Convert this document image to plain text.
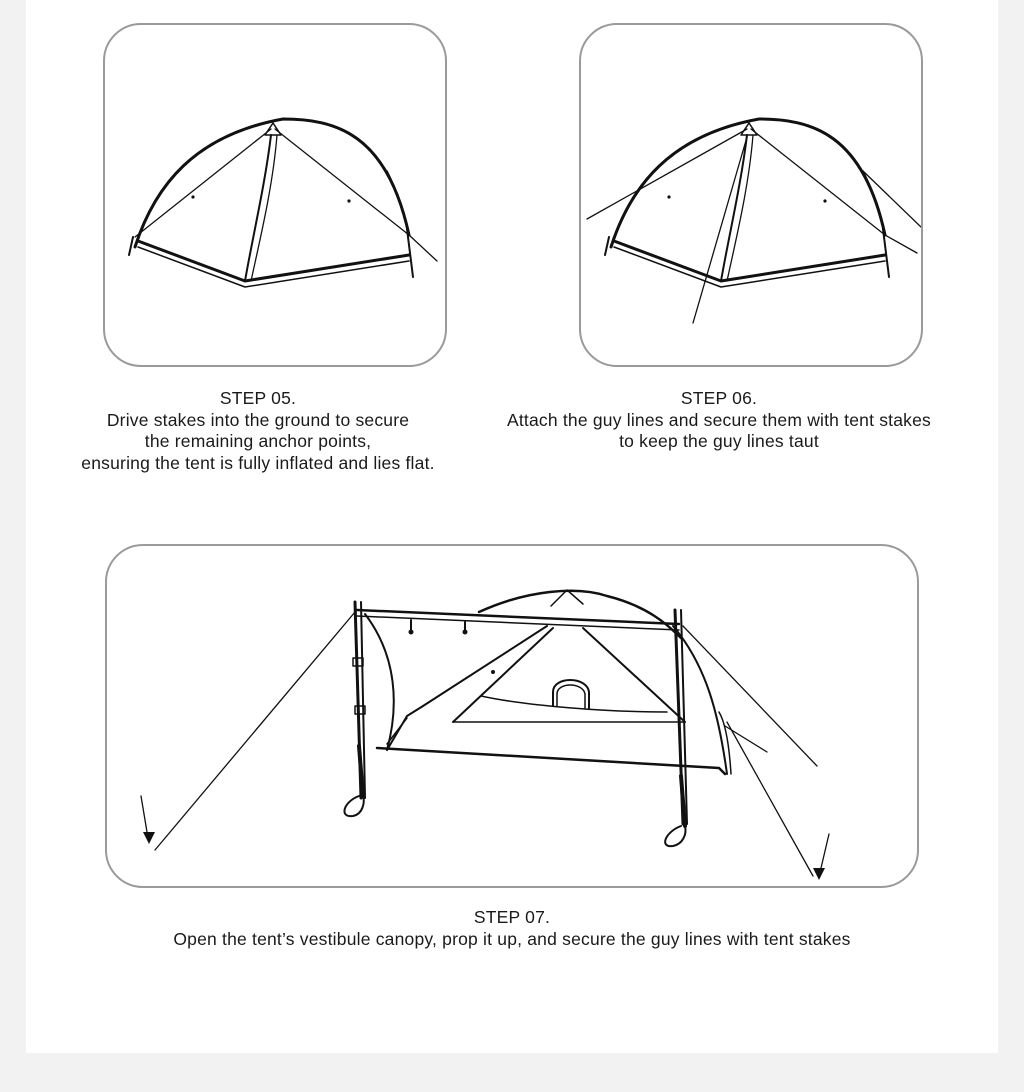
STEP 05.
Drive stakes into the ground to secure
the remaining anchor points,
ensuring the tent is fully inflated and lies flat.
STEP 06.
Attach the guy lines and secure them with tent stakes
to keep the guy lines taut
STEP 07.
Open the tent’s vestibule canopy, prop it up, and secure the guy lines with tent stakes
